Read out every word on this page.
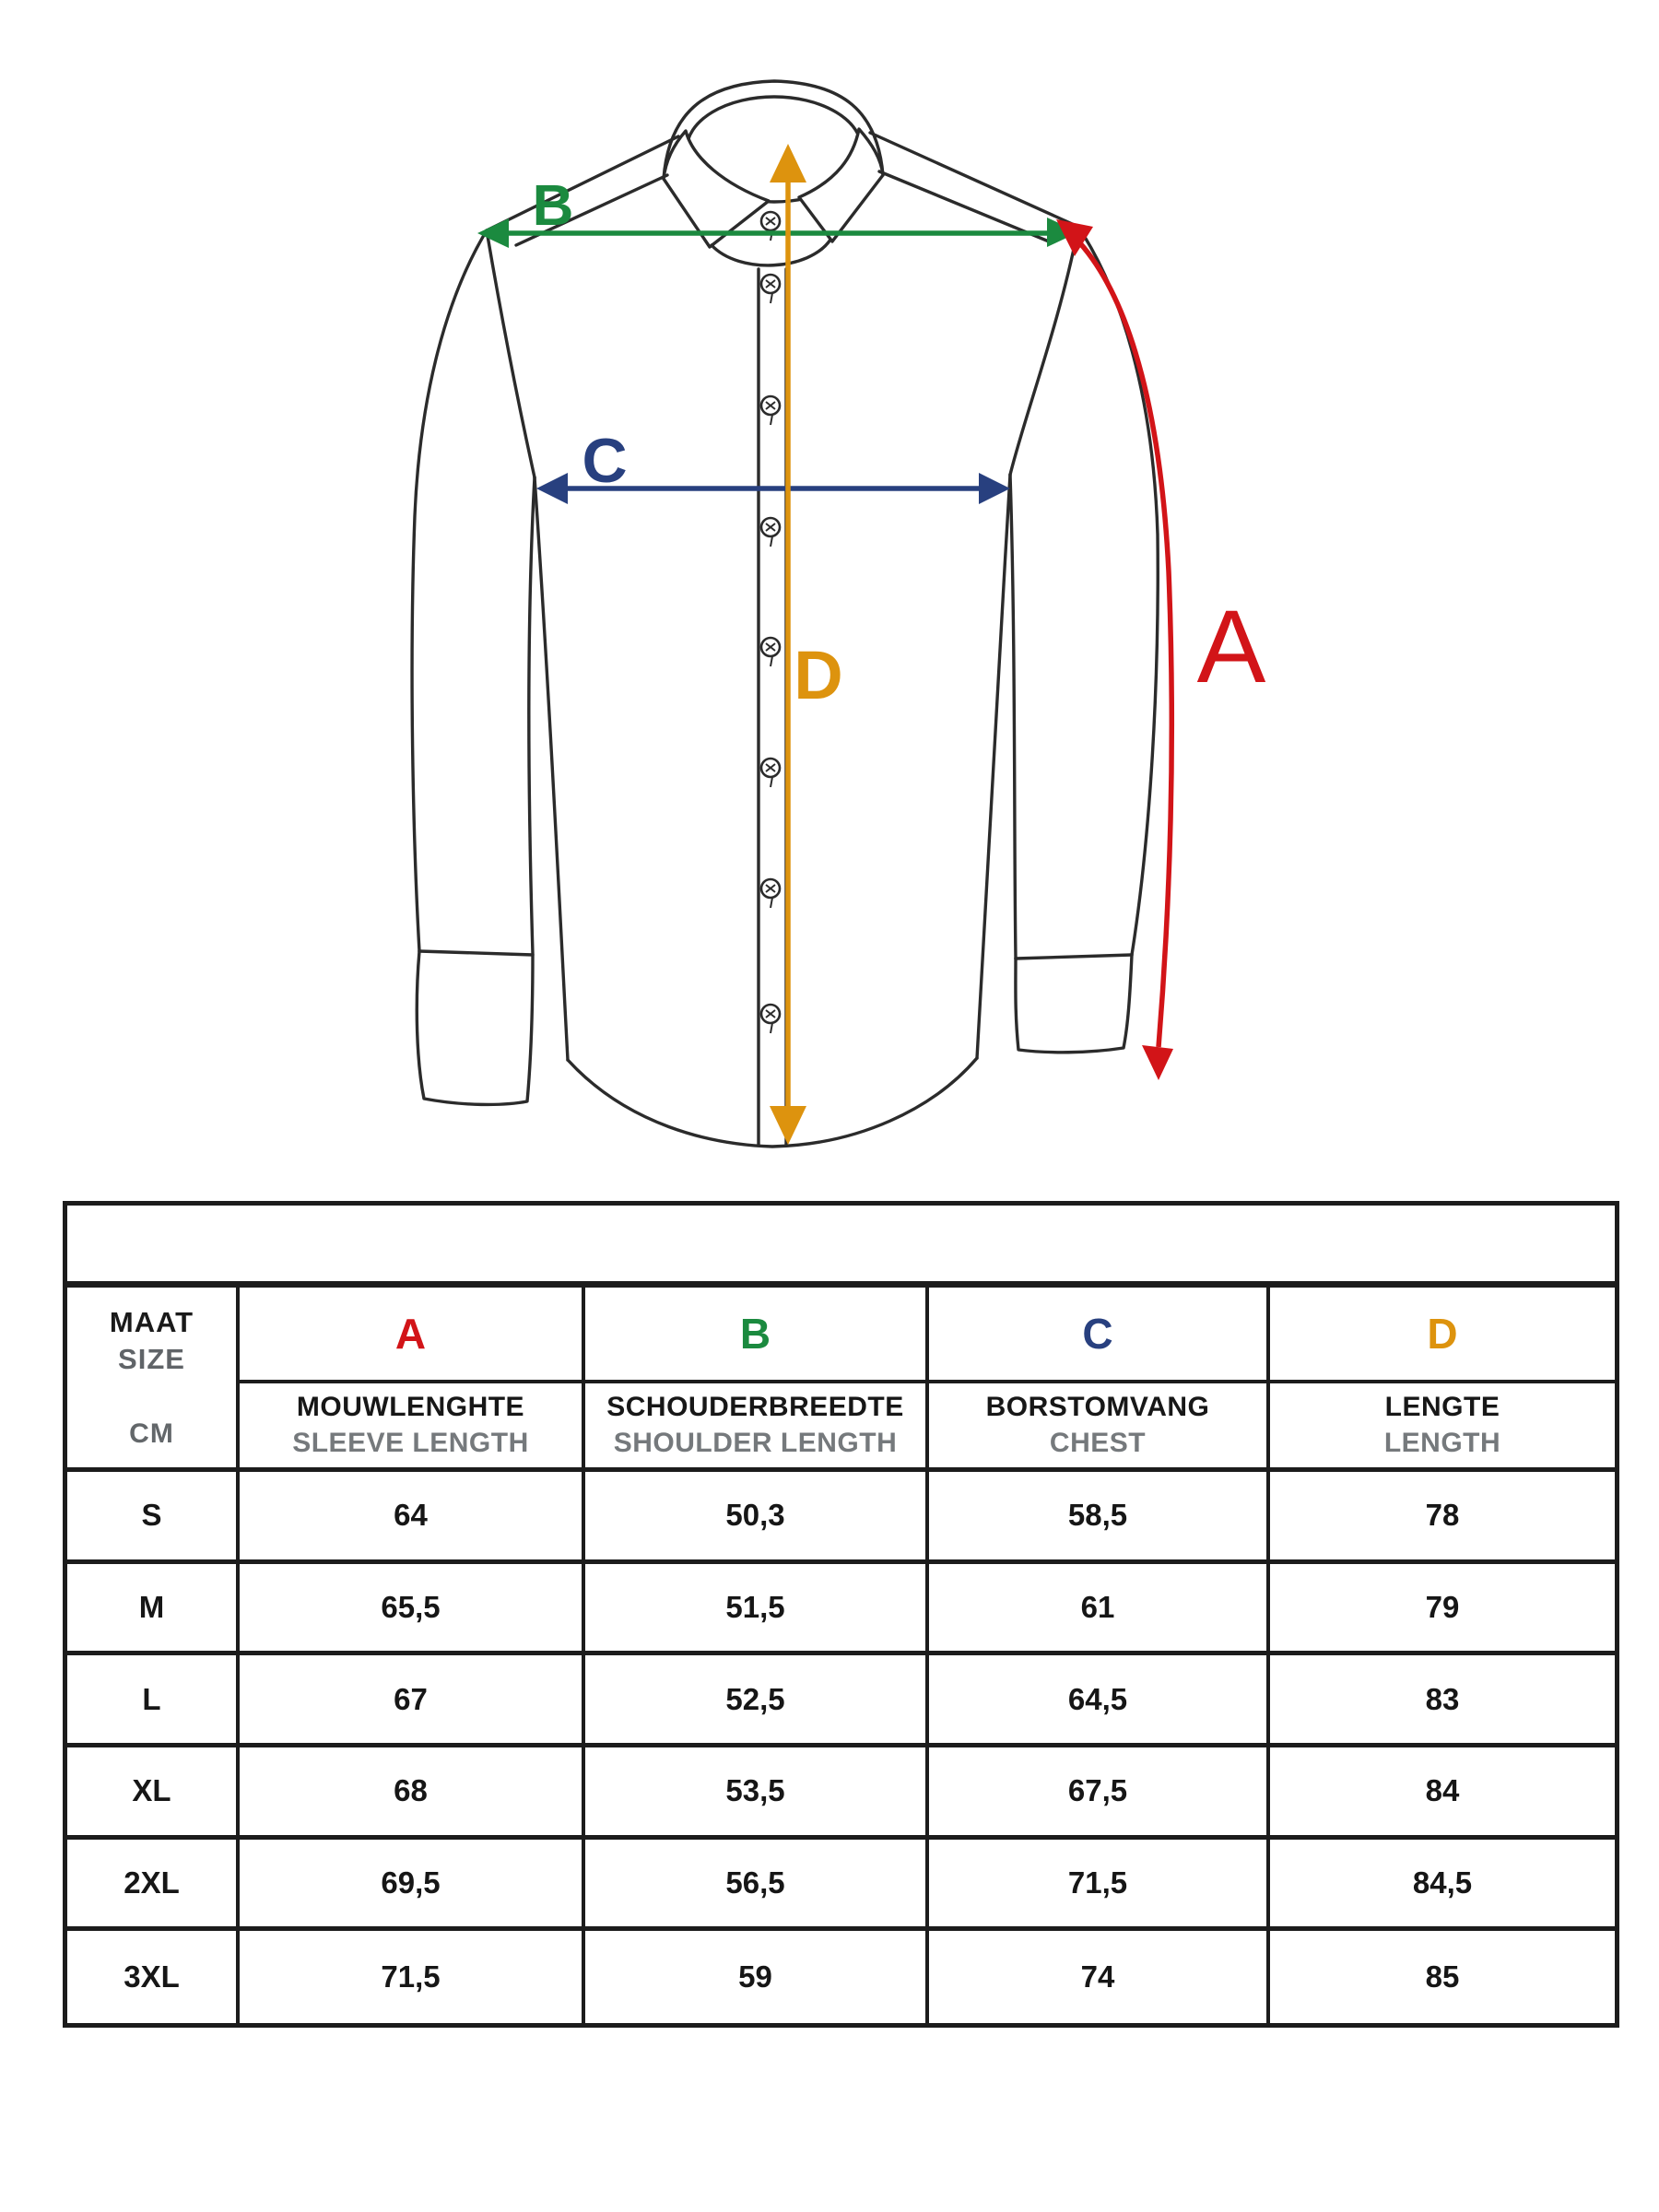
B
C
D	A
MAAT
SIZE
CM
A	B	C	D
MOUWLENGHTE
SLEEVE LENGTH
SCHOUDERBREEDTE
SHOULDER LENGTH
BORSTOMVANG
CHEST
LENGTE
LENGTH
S	64	50,3	58,5	78
M	65,5	51,5	61	79
L	67	52,5	64,5	83
XL	68	53,5	67,5	84
2XL	69,5	56,5	71,5	84,5
3XL	71,5	59	74	85
